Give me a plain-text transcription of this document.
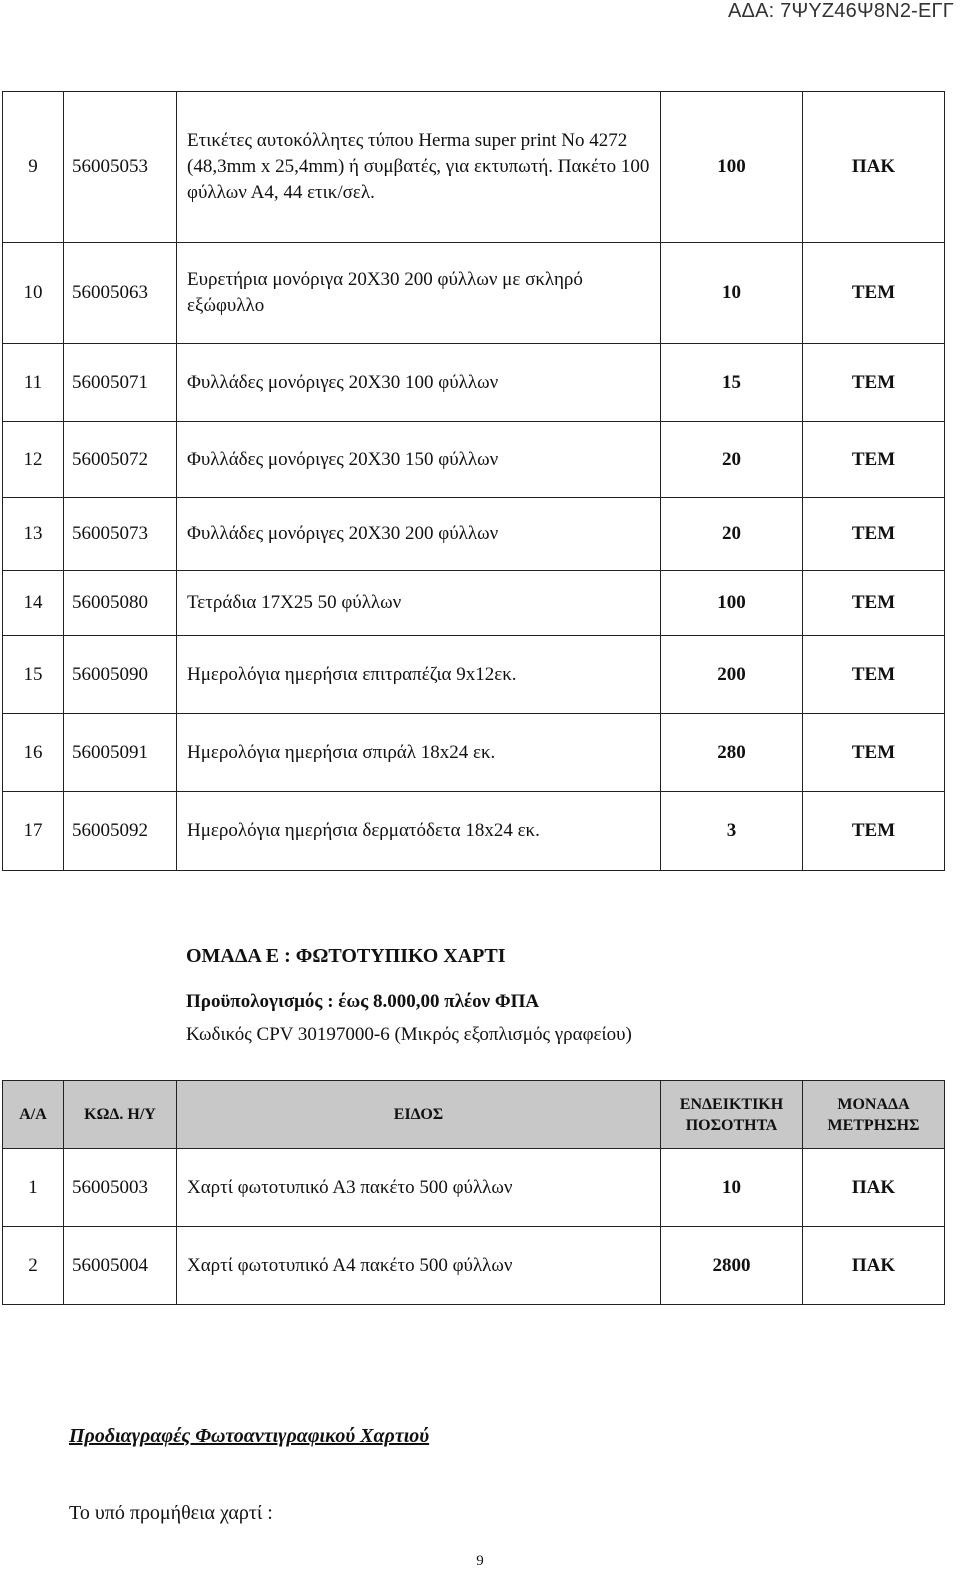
ΑΔΑ: 7ΨΥΖ46Ψ8Ν2-ΕΓΓ
9	56005053	Ετικέτες αυτοκόλλητες τύπου Herma super print No 4272 (48,3mm x 25,4mm) ή συμβατές, για εκτυπωτή. Πακέτο 100 φύλλων Α4, 44 ετικ/σελ.	100	ΠΑΚ
10	56005063	Ευρετήρια μονόριγα 20Χ30 200 φύλλων με σκληρό εξώφυλλο	10	ΤΕΜ
11	56005071	Φυλλάδες μονόριγες 20Χ30 100 φύλλων	15	ΤΕΜ
12	56005072	Φυλλάδες μονόριγες 20Χ30 150 φύλλων	20	ΤΕΜ
13	56005073	Φυλλάδες μονόριγες 20Χ30 200 φύλλων	20	ΤΕΜ
14	56005080	Τετράδια 17Χ25 50 φύλλων	100	ΤΕΜ
15	56005090	Ημερολόγια ημερήσια επιτραπέζια 9x12εκ.	200	ΤΕΜ
16	56005091	Ημερολόγια ημερήσια σπιράλ 18x24 εκ.	280	ΤΕΜ
17	56005092	Ημερολόγια ημερήσια δερματόδετα 18x24 εκ.	3	ΤΕΜ
ΟΜΑΔΑ Ε : ΦΩΤΟΤΥΠΙΚΟ ΧΑΡΤΙ
Προϋπολογισμός : έως 8.000,00 πλέον ΦΠΑ
Κωδικός CPV 30197000-6 (Μικρός εξοπλισμός γραφείου)
Α/Α	ΚΩΔ. Η/Υ	ΕΙΔΟΣ	ΕΝΔΕΙΚΤΙΚΗ ΠΟΣΟΤΗΤΑ	ΜΟΝΑΔΑ ΜΕΤΡΗΣΗΣ
1	56005003	Χαρτί φωτοτυπικό Α3 πακέτο 500 φύλλων	10	ΠΑΚ
2	56005004	Χαρτί φωτοτυπικό Α4 πακέτο 500 φύλλων	2800	ΠΑΚ
Προδιαγραφές Φωτοαντιγραφικού Χαρτιού
Το υπό προμήθεια χαρτί :
9
